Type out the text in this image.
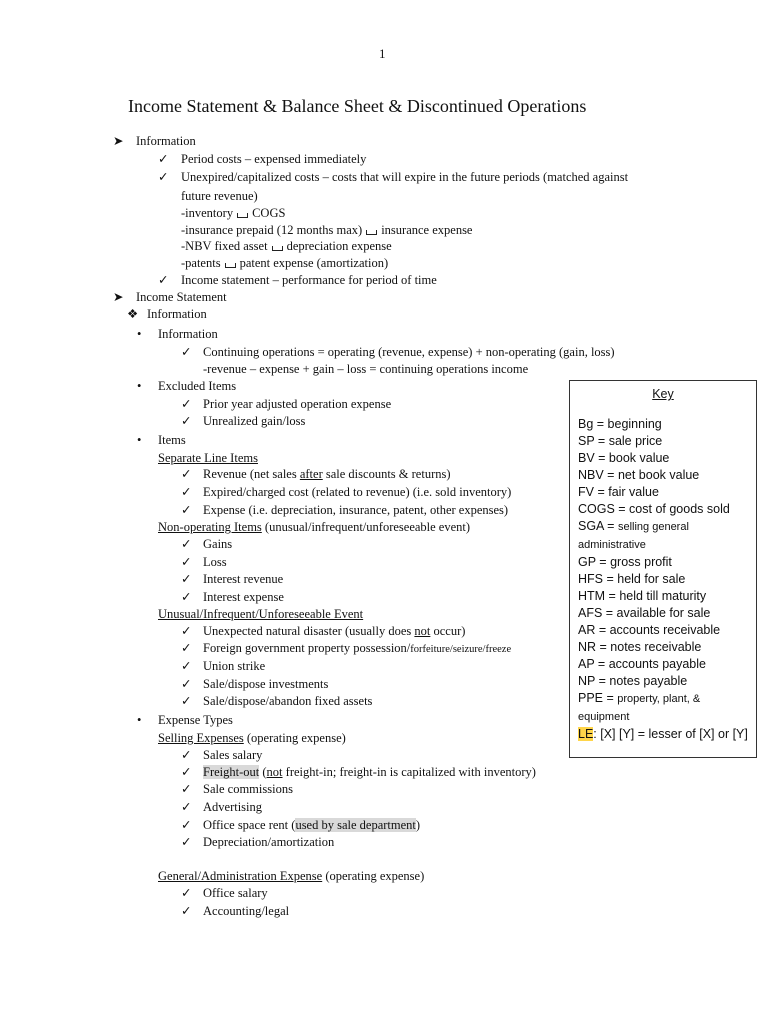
1
Income Statement & Balance Sheet & Discontinued Operations
➤ Information
✓ Period costs – expensed immediately
✓ Unexpired/capitalized costs – costs that will expire in the future periods (matched against
future revenue)
-inventory COGS
-insurance prepaid (12 months max) insurance expense
-NBV fixed asset depreciation expense
-patents patent expense (amortization)
✓ Income statement – performance for period of time
➤ Income Statement
❖ Information
• Information
✓ Continuing operations = operating (revenue, expense) + non-operating (gain, loss)
-revenue – expense + gain – loss = continuing operations income
• Excluded Items
✓ Prior year adjusted operation expense
✓ Unrealized gain/loss
• Items
Separate Line Items
✓ Revenue (net sales after sale discounts & returns)
✓ Expired/charged cost (related to revenue) (i.e. sold inventory)
✓ Expense (i.e. depreciation, insurance, patent, other expenses)
Non-operating Items (unusual/infrequent/unforeseeable event)
✓ Gains
✓ Loss
✓ Interest revenue
✓ Interest expense
Unusual/Infrequent/Unforeseeable Event
✓ Unexpected natural disaster (usually does not occur)
✓ Foreign government property possession/forfeiture/seizure/freeze
✓ Union strike
✓ Sale/dispose investments
✓ Sale/dispose/abandon fixed assets
• Expense Types
Selling Expenses (operating expense)
✓ Sales salary
✓ Freight-out (not freight-in; freight-in is capitalized with inventory)
✓ Sale commissions
✓ Advertising
✓ Office space rent (used by sale department)
✓ Depreciation/amortization
General/Administration Expense (operating expense)
✓ Office salary
✓ Accounting/legal
Key
Bg = beginning
SP = sale price
BV = book value
NBV = net book value
FV = fair value
COGS = cost of goods sold
SGA = selling general administrative
GP = gross profit
HFS = held for sale
HTM = held till maturity
AFS = available for sale
AR = accounts receivable
NR = notes receivable
AP = accounts payable
NP = notes payable
PPE = property, plant, & equipment
LE: [X] [Y] = lesser of [X] or [Y]
